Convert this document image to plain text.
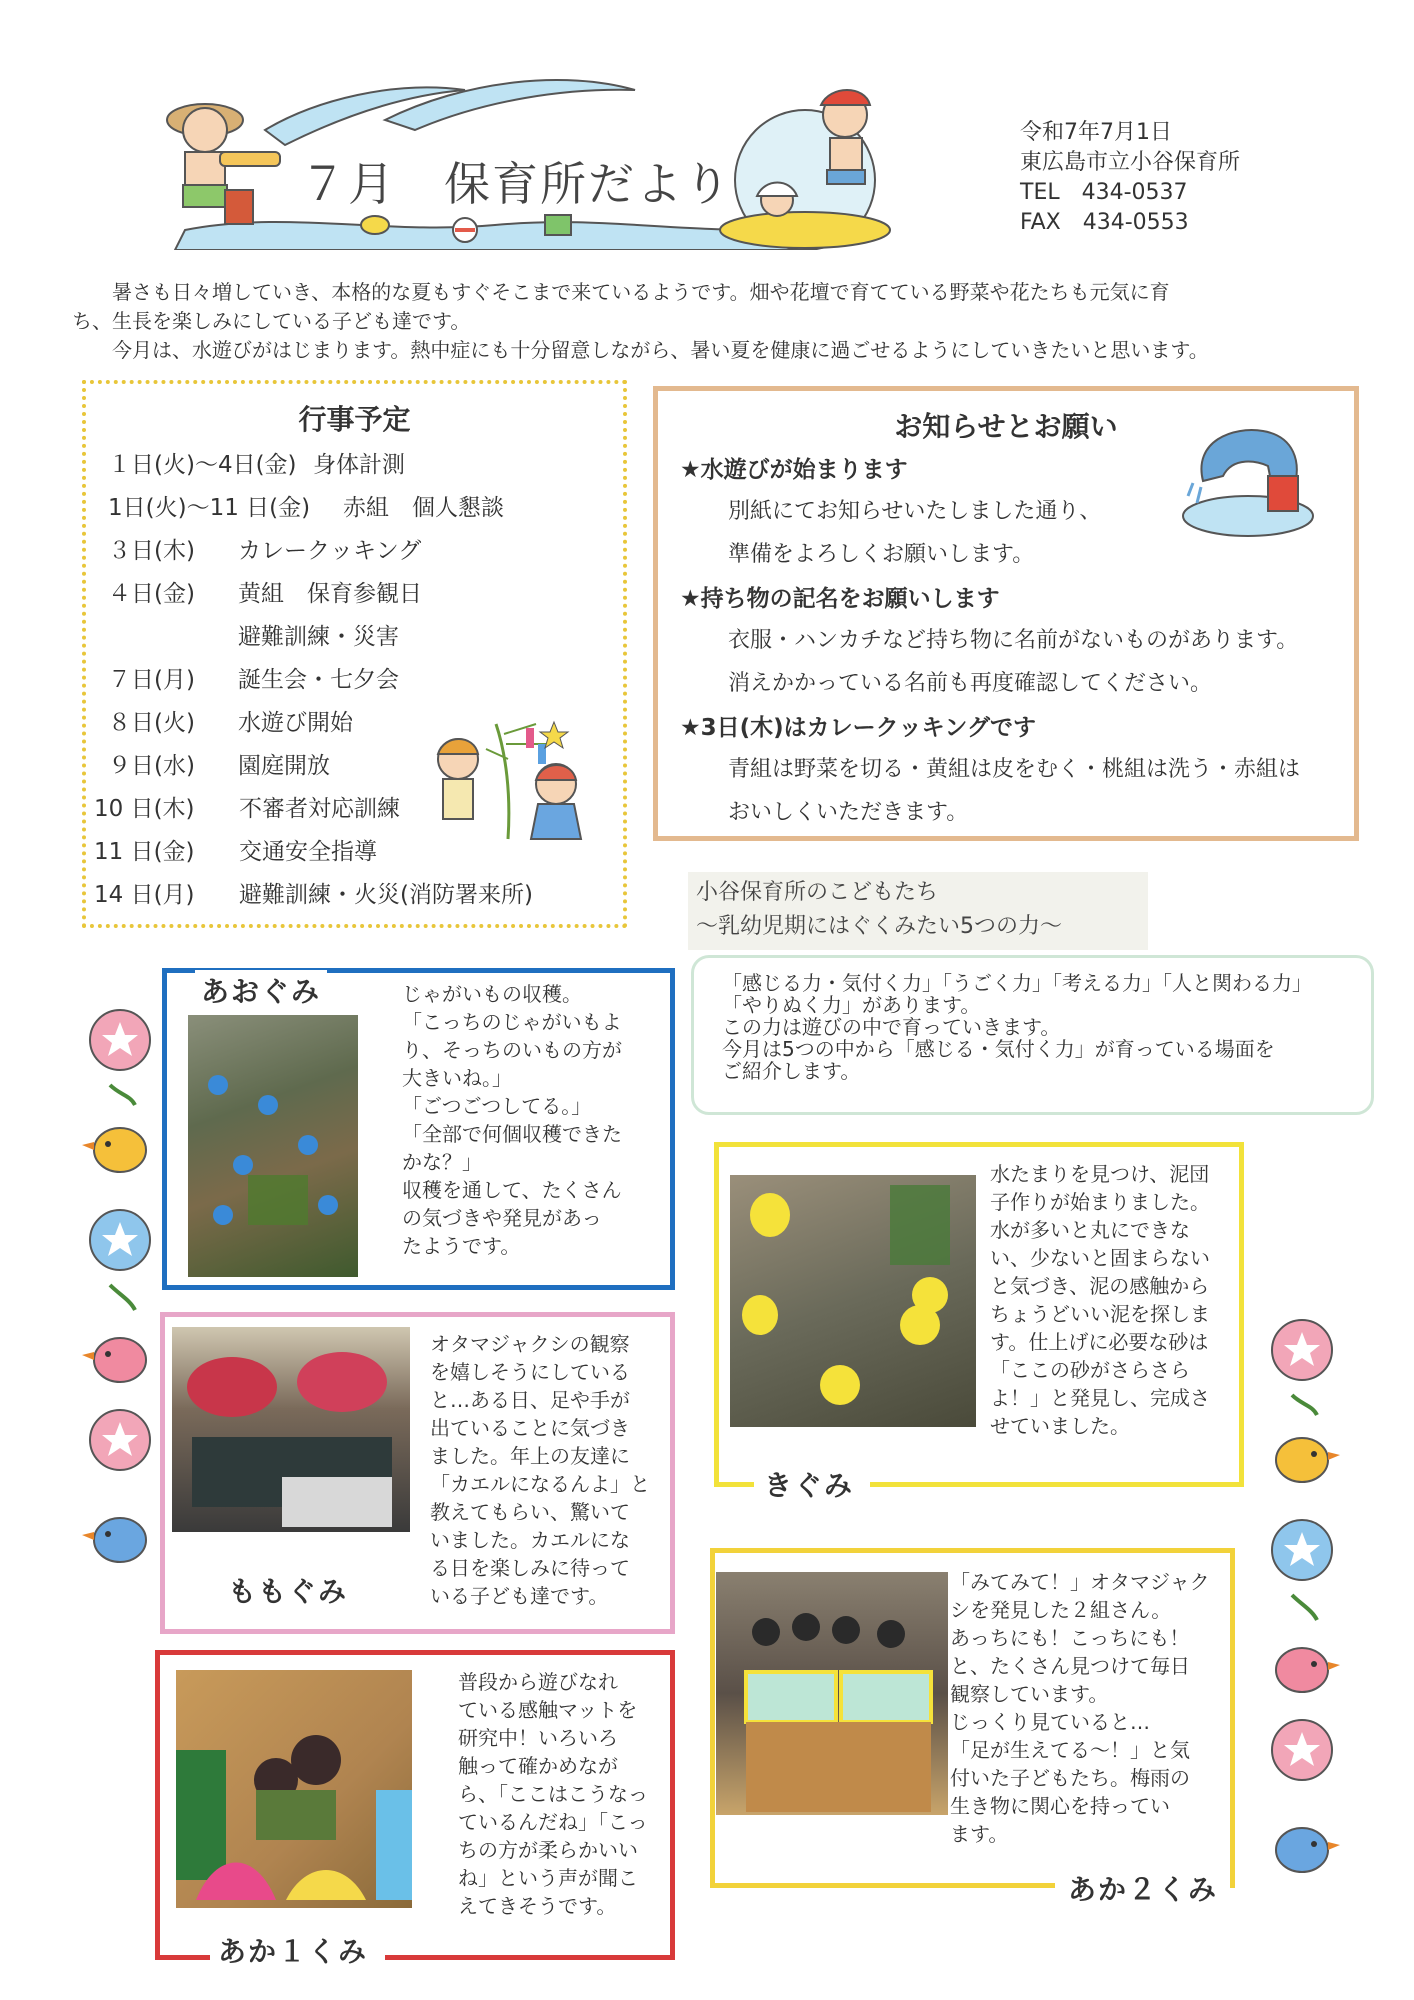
７月　保育所だより
令和7年7月1日
東広島市立小谷保育所
TEL　434-0537
FAX　434-0553

暑さも日々増していき、本格的な夏もすぐそこまで来ているようです。畑や花壇で育てている野菜や花たちも元気に育
ち、生長を楽しみにしている子ども達です。

今月は、水遊びがはじまります。熱中症にも十分留意しながら、暑い夏を健康に過ごせるようにしていきたいと思います。

行事予定
１日(火)～4日(金) 身体計測
1日(火)～11 日(金) 赤組　個人懇談
３日(木) カレークッキング
４日(金) 黄組　保育参観日
避難訓練・災害
７日(月) 誕生会・七夕会
８日(火) 水遊び開始
９日(水) 園庭開放
10 日(木) 不審者対応訓練
11 日(金) 交通安全指導
14 日(月) 避難訓練・火災(消防署来所)
お知らせとお願い
★水遊びが始まります
別紙にてお知らせいたしました通り、
準備をよろしくお願いします。
★持ち物の記名をお願いします
衣服・ハンカチなど持ち物に名前がないものがあります。
消えかかっている名前も再度確認してください。
★3日(木)はカレークッキングです
青組は野菜を切る・黄組は皮をむく・桃組は洗う・赤組は
おいしくいただきます。
小谷保育所のこどもたち
～乳幼児期にはぐくみたい5つの力～
「感じる力・気付く力」「うごく力」「考える力」「人と関わる力」
「やりぬく力」があります。
この力は遊びの中で育っていきます。
今月は5つの中から「感じる・気付く力」が育っている場面を
ご紹介します。
あおぐみ	じゃがいもの収穫。
「こっちのじゃがいもよ
り、そっちのいもの方が
大きいね。」
「ごつごつしてる。」
「全部で何個収穫できた
かな？」
収穫を通して、たくさん
の気づきや発見があっ
たようです。
ももぐみ
オタマジャクシの観察
を嬉しそうにしている
と…ある日、足や手が
出ていることに気づき
ました。年上の友達に
「カエルになるんよ」と
教えてもらい、驚いて
いました。カエルにな
る日を楽しみに待って
いる子ども達です。
あか１くみ
普段から遊びなれ
ている感触マットを
研究中！いろいろ
触って確かめなが
ら、「ここはこうなっ
ているんだね」「こっ
ちの方が柔らかいい
ね」という声が聞こ
えてきそうです。
水たまりを見つけ、泥団
子作りが始まりました。
水が多いと丸にできな
い、少ないと固まらない
と気づき、泥の感触から
ちょうどいい泥を探しま
す。仕上げに必要な砂は
「ここの砂がさらさら
よ！」と発見し、完成さ
せていました。
きぐみ
「みてみて！」オタマジャク
シを発見した２組さん。
あっちにも！こっちにも！
と、たくさん見つけて毎日
観察しています。
じっくり見ていると…
「足が生えてる～！」と気
付いた子どもたち。梅雨の
生き物に関心を持ってい
ます。
あか２くみ
